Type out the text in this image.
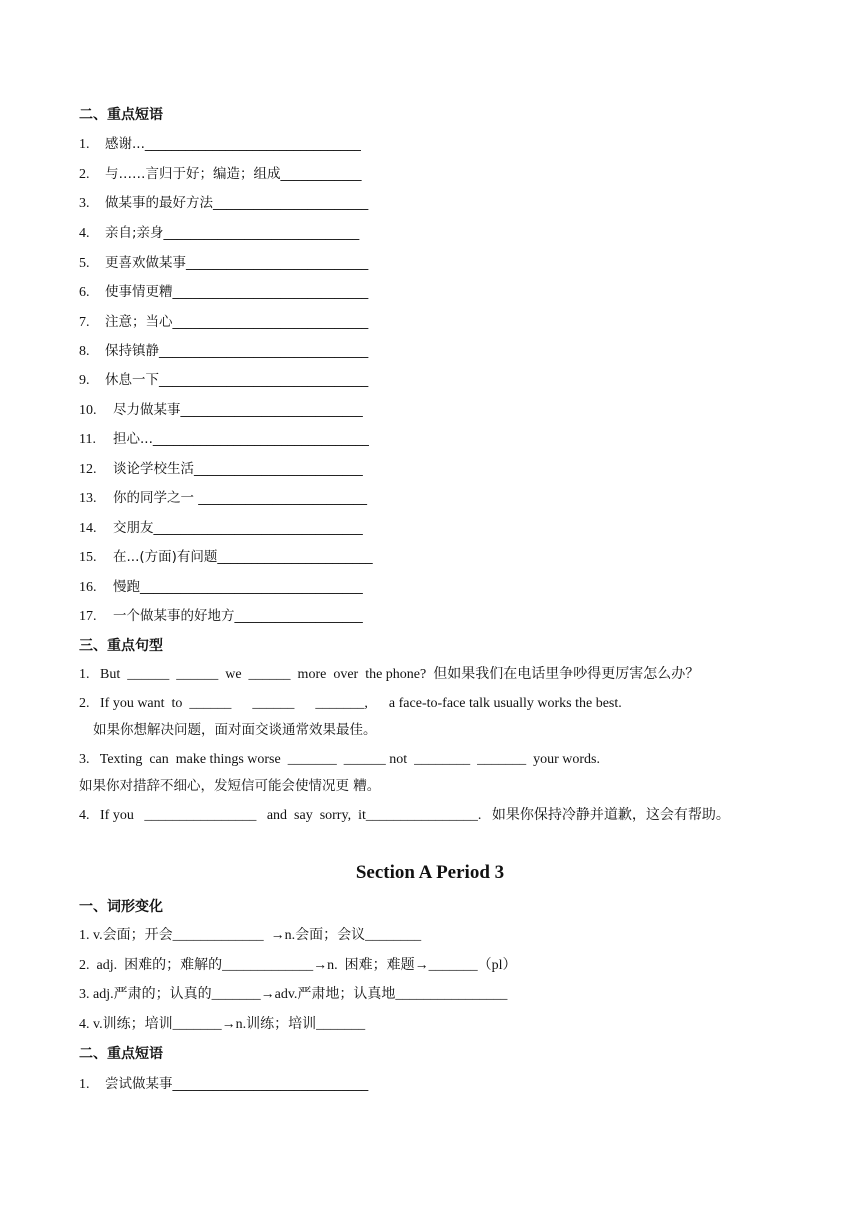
二、重点短语
1. 感谢...________________________________
2. 与……言归于好；编造；组成____________
3. 做某事的最好方法_______________________
4. 亲自;亲身_____________________________
5. 更喜欢做某事___________________________
6. 使事情更糟_____________________________
7. 注意；当心_____________________________
8. 保持镇静_______________________________
9. 休息一下_______________________________
10. 尽力做某事___________________________
11. 担心...________________________________
12. 谈论学校生活_________________________
13. 你的同学之一 _________________________
14. 交朋友_______________________________
15. 在...(方面)有问题_______________________
16. 慢跑_________________________________
17. 一个做某事的好地方___________________
三、重点句型
1.   But  ______  ______  we  ______  more  over  the phone?  但如果我们在电话里争吵得更厉害怎么办？
2.   If you want  to  ______      ______      _______,      a face-to-face talk usually works the best.
如果你想解决问题，面对面交谈通常效果最佳。
3.   Texting  can  make things worse  _______  ______ not  ________  _______  your words.
如果你对措辞不细心，发短信可能会使情况更 糟。
4.   If you   ________________   and  say  sorry,  it________________.   如果你保持冷静并道歉，这会有帮助。
Section A Period 3
一、词形变化
1. v.会面；开会_____________  →n.会面；会议________
2.  adj.  困难的；难解的_____________→n.  困难；难题→_______（pl）
3. adj.严肃的；认真的_______→adv.严肃地；认真地________________
4. v.训练；培训_______→n.训练；培训_______
二、重点短语
1. 尝试做某事_____________________________
